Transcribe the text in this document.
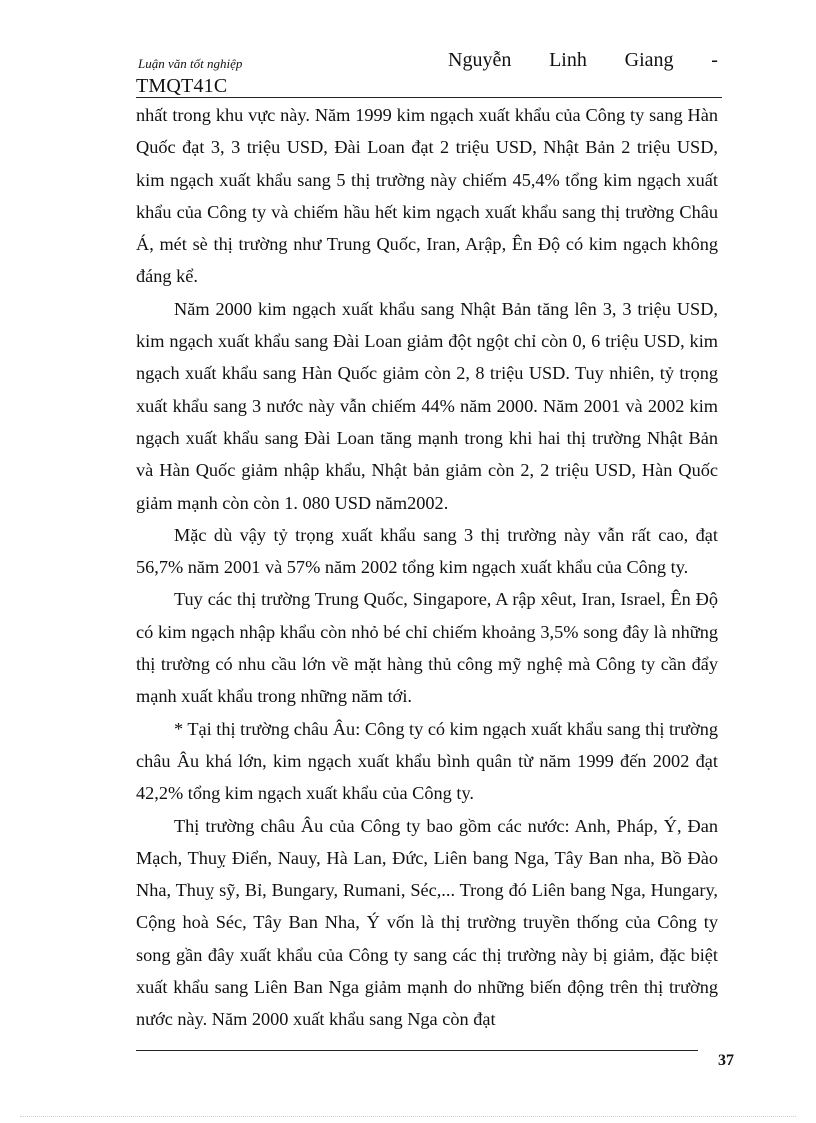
Luận văn tốt nghiệp	Nguyễn Linh Giang -
TMQT41C

nhất trong khu vực này. Năm 1999 kim ngạch xuất khẩu của Công ty sang Hàn Quốc đạt 3, 3 triệu USD, Đài Loan đạt 2 triệu USD, Nhật Bản 2 triệu USD, kim ngạch xuất khẩu sang 5 thị trường này chiếm 45,4% tổng kim ngạch xuất khẩu của Công ty và chiếm hầu hết kim ngạch xuất khẩu sang thị trường Châu Á, mét sè thị trường như Trung Quốc, Iran, Arập, Ên Độ có kim ngạch không đáng kể.

Năm 2000 kim ngạch xuất khẩu sang Nhật Bản tăng lên 3, 3 triệu USD, kim ngạch xuất khẩu sang Đài Loan giảm đột ngột chỉ còn 0, 6 triệu USD, kim ngạch xuất khẩu sang Hàn Quốc giảm còn 2, 8 triệu USD. Tuy nhiên, tỷ trọng xuất khẩu sang 3 nước này vẫn chiếm 44% năm 2000. Năm 2001 và 2002 kim ngạch xuất khẩu sang Đài Loan tăng mạnh trong khi hai thị trường Nhật Bản và Hàn Quốc giảm nhập khẩu, Nhật bản giảm còn 2, 2 triệu USD, Hàn Quốc giảm mạnh còn còn 1. 080 USD năm2002.

Mặc dù vậy tỷ trọng xuất khẩu sang 3 thị trường này vẫn rất cao, đạt 56,7% năm 2001 và 57% năm 2002 tổng kim ngạch xuất khẩu của Công ty.

Tuy các thị trường Trung Quốc, Singapore, A rập xêut, Iran, Israel, Ên Độ có kim ngạch nhập khẩu còn nhỏ bé chỉ chiếm khoảng 3,5% song đây là những thị trường có nhu cầu lớn về mặt hàng thủ công mỹ nghệ mà Công ty cần đẩy mạnh xuất khẩu trong những năm tới.

* Tại thị trường châu Âu: Công ty có kim ngạch xuất khẩu sang thị trường châu Âu khá lớn, kim ngạch xuất khẩu bình quân từ năm 1999 đến 2002 đạt 42,2% tổng kim ngạch xuất khẩu của Công ty.

Thị trường châu Âu của Công ty bao gồm các nước: Anh, Pháp, Ý, Đan Mạch, Thuỵ Điển, Nauy, Hà Lan, Đức, Liên bang Nga, Tây Ban nha, Bồ Đào Nha, Thuỵ sỹ, Bỉ, Bungary, Rumani, Séc,... Trong đó Liên bang Nga, Hungary, Cộng hoà Séc, Tây Ban Nha, Ý vốn là thị trường truyền thống của Công ty song gần đây xuất khẩu của Công ty sang các thị trường này bị giảm, đặc biệt xuất khẩu sang Liên Ban Nga giảm mạnh do những biến động trên thị trường nước này. Năm 2000 xuất khẩu sang Nga còn đạt

37
